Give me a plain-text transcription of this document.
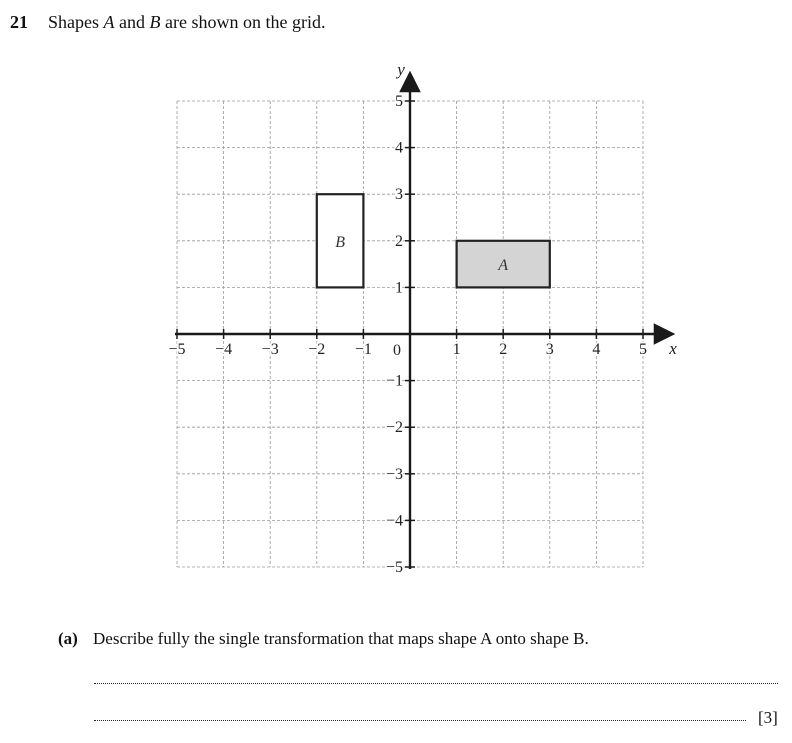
21 Shapes A and B are shown on the grid.
A
B
−5 −4 −3 −2 −1	1 2 3 4 5
5
4
3
2
1
−1
−2
−3
−4
−5
0	x
y
(a) Describe fully the single transformation that maps shape A onto shape B.
[3]
